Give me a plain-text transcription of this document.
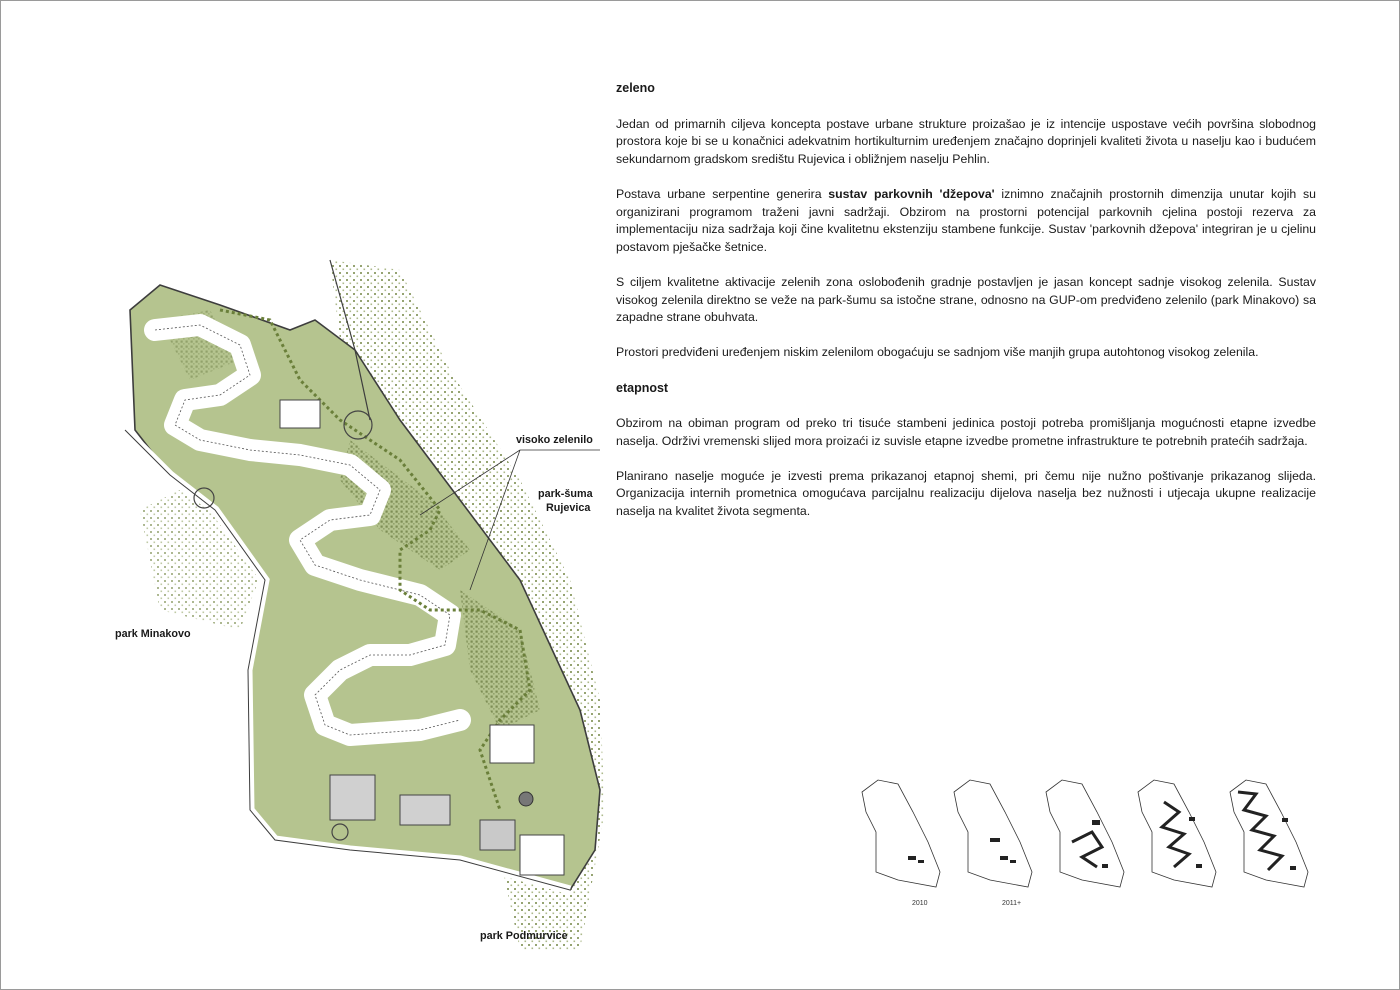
zeleno

Jedan od primarnih ciljeva koncepta postave urbane strukture proizašao je iz intencije uspostave većih površina slobodnog prostora koje bi se u konačnici adekvatnim hortikulturnim uređenjem značajno doprinjeli kvaliteti života u naselju kao i budućem sekundarnom gradskom središtu Rujevica i obližnjem naselju Pehlin.

Postava urbane serpentine generira sustav parkovnih 'džepova' iznimno značajnih prostornih dimenzija unutar kojih su organizirani programom traženi javni sadržaji. Obzirom na prostorni potencijal parkovnih cjelina postoji rezerva za implementaciju niza sadržaja koji čine kvalitetnu ekstenziju stambene funkcije. Sustav 'parkovnih džepova' integriran je u cjelinu postavom pješačke šetnice.

S ciljem kvalitetne aktivacije zelenih zona oslobođenih gradnje postavljen je jasan koncept sadnje visokog zelenila. Sustav visokog zelenila direktno se veže na park-šumu sa istočne strane, odnosno na GUP-om predviđeno zelenilo (park Minakovo) sa zapadne strane obuhvata.

Prostori predviđeni uređenjem niskim zelenilom obogaćuju se sadnjom više manjih grupa autohtonog visokog zelenila.

etapnost

Obzirom na obiman program od preko tri tisuće stambeni jedinica postoji potreba promišljanja mogućnosti etapne izvedbe naselja. Održivi vremenski slijed mora proizaći iz suvisle etapne izvedbe prometne infrastrukture te potrebnih pratećih sadržaja.

Planirano naselje moguće je izvesti prema prikazanoj etapnoj shemi, pri čemu nije nužno poštivanje prikazanog slijeda. Organizacija internih prometnica omogućava parcijalnu realizaciju dijelova naselja bez nužnosti i utjecaja ukupne realizacije naselja na kvalitet života segmenta.

visoko zelenilo
park-šuma
Rujevica
park Minakovo
park Podmurvice
2010	2011+
